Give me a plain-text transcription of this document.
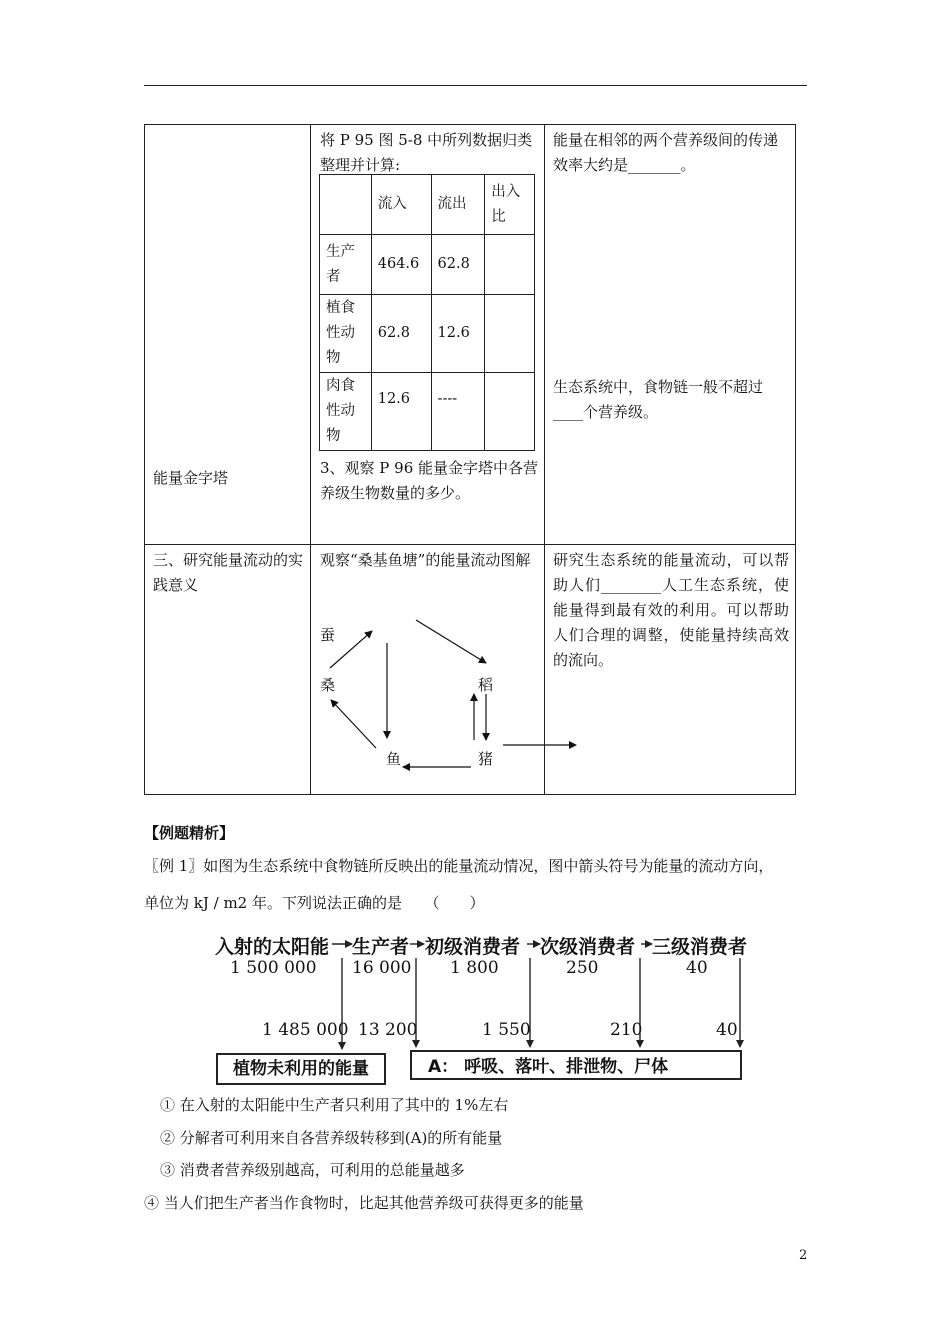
能量金字塔
将 P 95 图 5-8 中所列数据归类整理并计算:
	流入	流出	出入比
生产者	464.6	62.8	
植食性动物	62.8	12.6	
肉食性动物	12.6	----	
3、观察 P 96 能量金字塔中各营养级生物数量的多少。
能量在相邻的两个营养级间的传递效率大约是_______。
生态系统中，食物链一般不超过____个营养级。
三、研究能量流动的实践意义
观察“桑基鱼塘”的能量流动图解
蚕
桑	稻
鱼	猪
研究生态系统的能量流动，可以帮助人们________人工生态系统，使能量得到最有效的利用。可以帮助人们合理的调整，使能量持续高效的流向。
【例题精析】
〖例 1〗如图为生态系统中食物链所反映出的能量流动情况，图中箭头符号为能量的流动方向，
单位为 kJ / m2 年。下列说法正确的是　　（　　）
入射的太阳能 生产者 初级消费者 次级消费者 三级消费者
1 500 000 16 000 1 800	250	40
1 485 000 13 200	1 550	210	40
植物未利用的能量	A： 呼吸、落叶、排泄物、尸体
① 在入射的太阳能中生产者只利用了其中的 1%左右
② 分解者可利用来自各营养级转移到(A)的所有能量
③ 消费者营养级别越高，可利用的总能量越多
④ 当人们把生产者当作食物时，比起其他营养级可获得更多的能量
2
